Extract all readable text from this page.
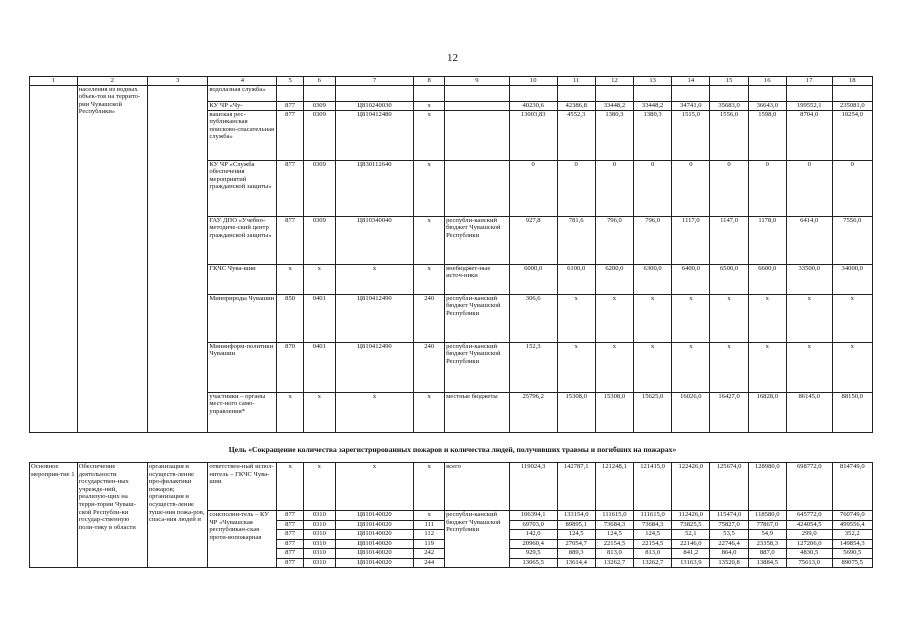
12
1	2	3	4	5	6	7	8	9	10	11	12	13	14	15	16	17	18
	населения из водных объек-тов на террито-рии Чувашской Республики»		водолазная служба»														
			КУ ЧР «Чу-	877	0309	Ц810240030	x		40230,6	42386,8	33448,2	33448,2	34741,0	35683,0	36643,0	199552,1	235081,0
			вашская рес-публиканская поисково-спасательная служба»	877	0309	Ц810412480	x		13003,83	4552,3	1380,3	1380,3	1515,0	1556,0	1598,0	8704,0	10254,0
			КУ ЧР «Служба обеспечения мероприятий гражданской защиты»	877	0309	Ц830112640	x		0	0	0	0	0	0	0	0	0
			ГАУ ДПО «Учебно-методиче-ский центр гражданской защиты»	877	0309	Ц810340040	x	республи-канский бюджет Чувашской Республики	927,8	781,6	796,0	796,0	1117,0	1147,0	1178,0	6414,0	7556,0
			ГКЧС Чува-шии	x	x	x	x	внебюджет-ные источ-ники	6000,0	6100,0	6200,0	6300,0	6400,0	6500,0	6600,0	33500,0	34000,0
			Минприроды Чувашии	850	0401	Ц810412490	240	республи-канский бюджет Чувашской Республики	306,6	x	x	x	x	x	x	x	x
			Мининформ-политики Чувашии	870	0401	Ц810412490	240	республи-канский бюджет Чувашской Республики	152,3	x	x	x	x	x	x	x	x
			участники – органы мест-ного само-управления*	x	x	x	x	местные бюджеты	25796,2	15308,0	15308,0	15625,0	16026,0	16427,0	16828,0	86145,0	88150,0
Цель «Сокращение количества зарегистрированных пожаров и количества людей, получивших травмы и погибших на пожарах»
Основное мероприя-тие 1	Обеспечение деятельности государствен-ных учрежде-ний, реализую-щих на терри-тории Чуваш-ской Республи-ки государ-ственную поли-тику в области	организация и осуществ-ление про-филактики пожаров; организация и осуществ-ление туше-ния пожа-ров, спаса-ния людей и	ответствен-ный испол-нитель – ГКЧС Чува-шии	x	x	x	x	всего	119024,3	142787,1	121248,1	121415,0	122426,0	125674,0	128980,0	698772,0	814749,0
			соисполни-тель – КУ ЧР «Чувашская республикан-ская проти-вопожарная	877	0310	Ц810140020	x	республи-канский бюджет Чувашской Республики	106394,1	133154,0	111615,0	111615,0	112426,0	115474,0	118580,0	645772,0	760749,0
				877	0310	Ц810140020	111		69703,0	89895,1	73684,3	73684,3	73825,5	75827,0	77867,0	424054,5	499556,4
				877	0310	Ц810140020	112		142,0	124,5	124,5	124,5	52,1	53,5	54,9	299,0	352,2
				877	0310	Ц810140020	119		20960,4	27054,7	22154,5	22154,5	22146,0	22746,4	23358,3	127206,0	149854,3
				877	0310	Ц810140020	242		929,5	889,3	813,0	813,0	841,2	864,0	887,0	4830,5	5690,5
				877	0310	Ц810140020	244		13065,5	13614,4	13262,7	13262,7	13163,9	13520,8	13884,5	75613,0	89075,5
